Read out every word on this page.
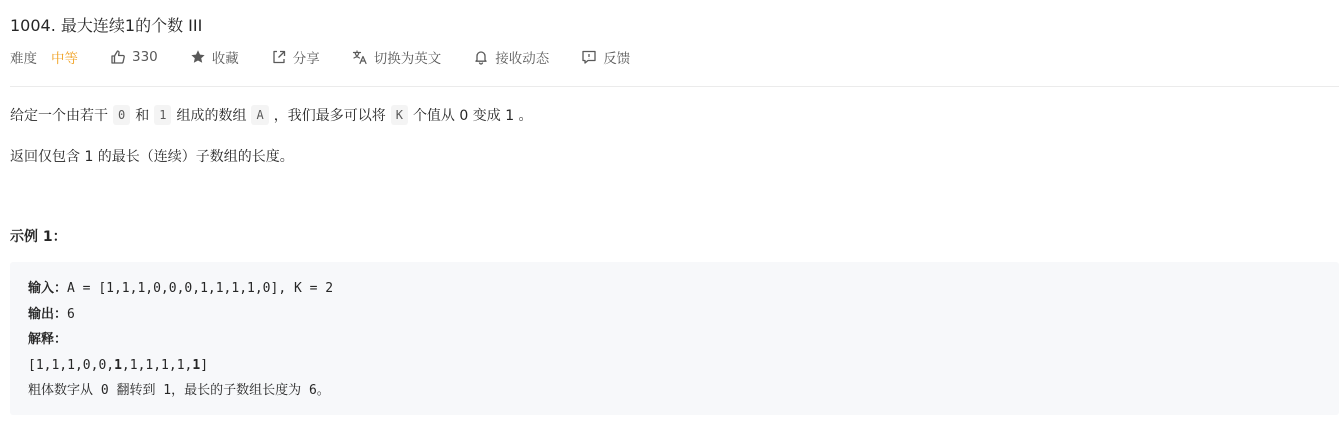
1004. 最大连续1的个数 III
难度 中等	330	收藏	分享	切换为英文	接收动态	反馈
给定一个由若干 0 和 1 组成的数组 A ，我们最多可以将 K 个值从 0 变成 1 。
返回仅包含 1 的最长（连续）子数组的长度。
示例 1：
输入：A = [1,1,1,0,0,0,1,1,1,1,0], K = 2
输出：6
解释：
[1,1,1,0,0,1,1,1,1,1,1]
粗体数字从 0 翻转到 1，最长的子数组长度为 6。
